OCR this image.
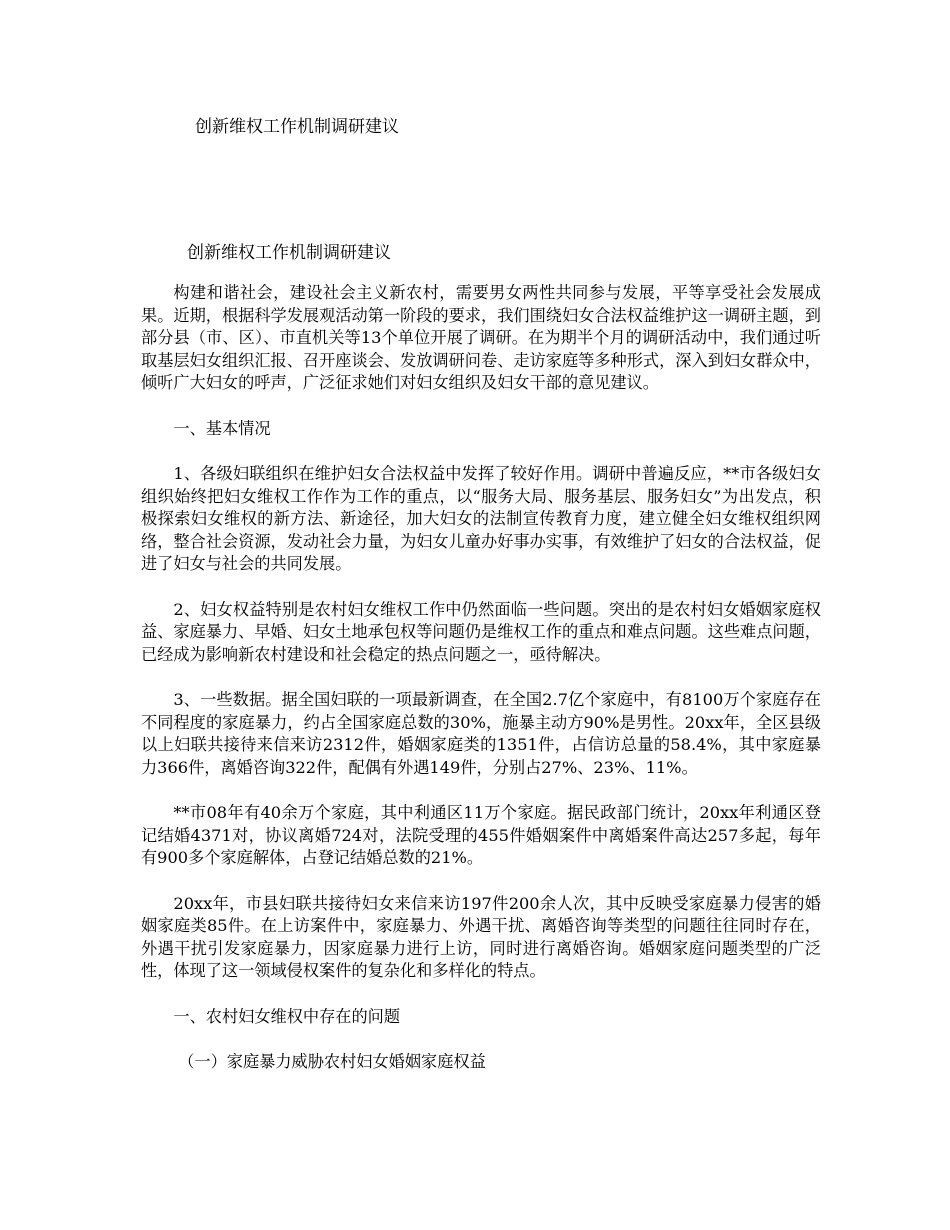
创新维权工作机制调研建议
创新维权工作机制调研建议

构建和谐社会，建设社会主义新农村，需要男女两性共同参与发展，平等享受社会发展成果。近期，根据科学发展观活动第一阶段的要求，我们围绕妇女合法权益维护这一调研主题，到部分县（市、区）、市直机关等13个单位开展了调研。在为期半个月的调研活动中，我们通过听取基层妇女组织汇报、召开座谈会、发放调研问卷、走访家庭等多种形式，深入到妇女群众中，倾听广大妇女的呼声，广泛征求她们对妇女组织及妇女干部的意见建议。

一、基本情况

1、各级妇联组织在维护妇女合法权益中发挥了较好作用。调研中普遍反应，**市各级妇女组织始终把妇女维权工作作为工作的重点，以“服务大局、服务基层、服务妇女”为出发点，积极探索妇女维权的新方法、新途径，加大妇女的法制宣传教育力度，建立健全妇女维权组织网络，整合社会资源，发动社会力量，为妇女儿童办好事办实事，有效维护了妇女的合法权益，促进了妇女与社会的共同发展。

2、妇女权益特别是农村妇女维权工作中仍然面临一些问题。突出的是农村妇女婚姻家庭权益、家庭暴力、早婚、妇女土地承包权等问题仍是维权工作的重点和难点问题。这些难点问题，已经成为影响新农村建设和社会稳定的热点问题之一，亟待解决。

3、一些数据。据全国妇联的一项最新调查，在全国2.7亿个家庭中，有8100万个家庭存在不同程度的家庭暴力，约占全国家庭总数的30%，施暴主动方90%是男性。20xx年，全区县级以上妇联共接待来信来访2312件，婚姻家庭类的1351件，占信访总量的58.4%，其中家庭暴力366件，离婚咨询322件，配偶有外遇149件，分别占27%、23%、11%。

**市08年有40余万个家庭，其中利通区11万个家庭。据民政部门统计，20xx年利通区登记结婚4371对，协议离婚724对，法院受理的455件婚姻案件中离婚案件高达257多起，每年有900多个家庭解体，占登记结婚总数的21%。

20xx年，市县妇联共接待妇女来信来访197件200余人次，其中反映受家庭暴力侵害的婚姻家庭类85件。在上访案件中，家庭暴力、外遇干扰、离婚咨询等类型的问题往往同时存在，外遇干扰引发家庭暴力，因家庭暴力进行上访，同时进行离婚咨询。婚姻家庭问题类型的广泛性，体现了这一领域侵权案件的复杂化和多样化的特点。

一、农村妇女维权中存在的问题

（一）家庭暴力威胁农村妇女婚姻家庭权益
